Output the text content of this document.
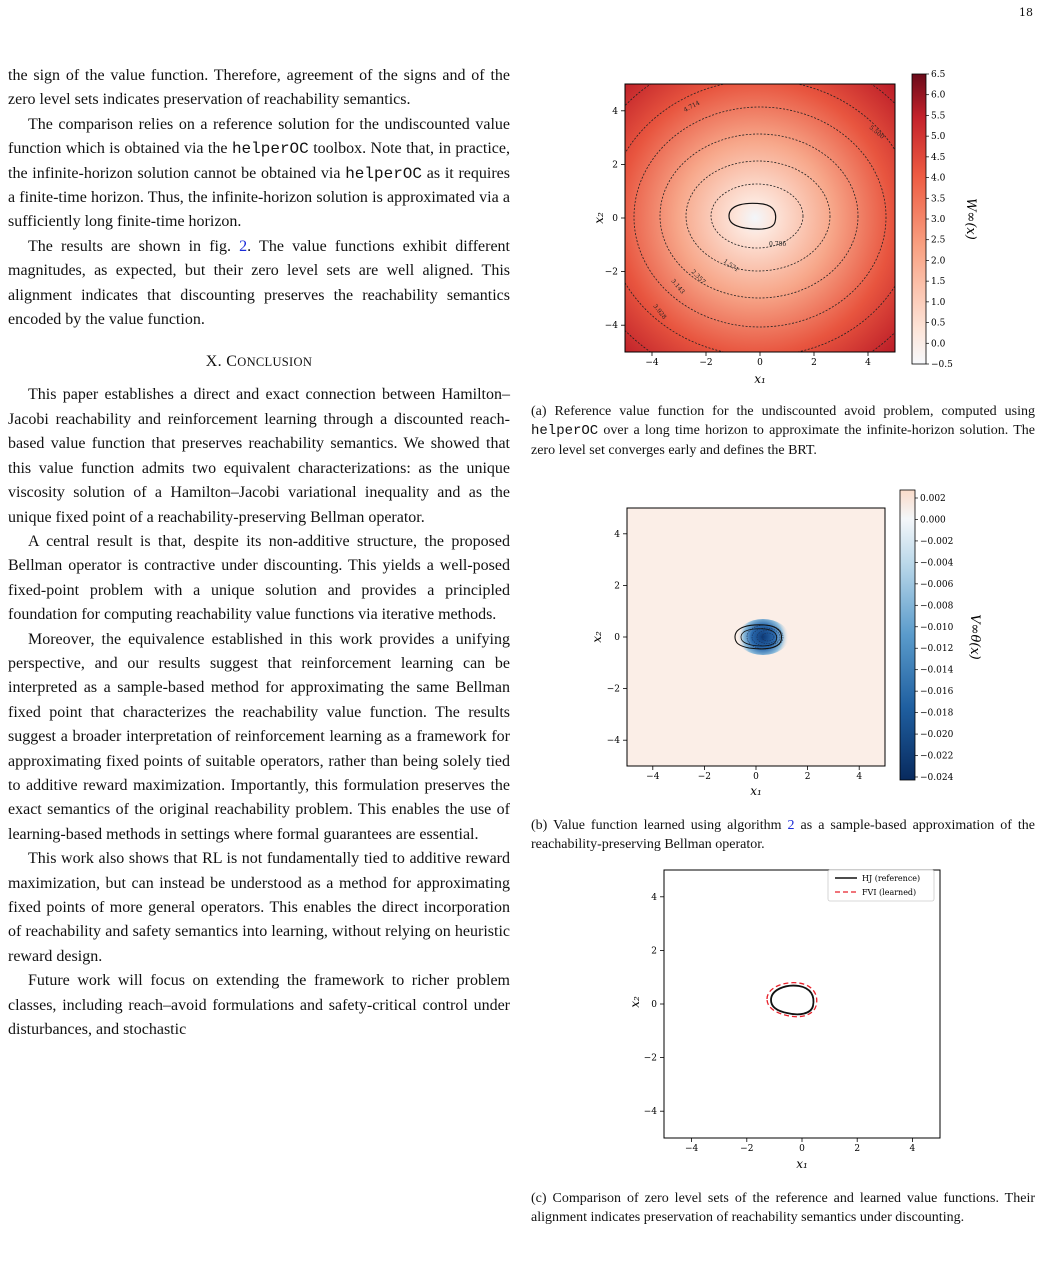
18

the sign of the value function. Therefore, agreement of the signs and of the zero level sets indicates preservation of reachability semantics.

The comparison relies on a reference solution for the undiscounted value function which is obtained via the helperOC toolbox. Note that, in practice, the infinite-horizon solution cannot be obtained via helperOC as it requires a finite-time horizon. Thus, the infinite-horizon solution is approximated via a sufficiently long finite-time horizon.

The results are shown in fig. 2. The value functions exhibit different magnitudes, as expected, but their zero level sets are well aligned. This alignment indicates that discounting preserves the reachability semantics encoded by the value function.

X. CONCLUSION

This paper establishes a direct and exact connection between Hamilton–Jacobi reachability and reinforcement learning through a discounted reach-based value function that preserves reachability semantics. We showed that this value function admits two equivalent characterizations: as the unique viscosity solution of a Hamilton–Jacobi variational inequality and as the unique fixed point of a reachability-preserving Bellman operator.

A central result is that, despite its non-additive structure, the proposed Bellman operator is contractive under discounting. This yields a well-posed fixed-point problem with a unique solution and provides a principled foundation for computing reachability value functions via iterative methods.

Moreover, the equivalence established in this work provides a unifying perspective, and our results suggest that reinforcement learning can be interpreted as a sample-based method for approximating the same Bellman fixed point that characterizes the reachability value function. The results suggest a broader interpretation of reinforcement learning as a framework for approximating fixed points of suitable operators, rather than being solely tied to additive reward maximization. Importantly, this formulation preserves the exact semantics of the original reachability problem. This enables the use of learning-based methods in settings where formal guarantees are essential.

This work also shows that RL is not fundamentally tied to additive reward maximization, but can instead be understood as a method for approximating fixed points of more general operators. This enables the direct incorporation of reachability and safety semantics into learning, without relying on heuristic reward design.

Future work will focus on extending the framework to richer problem classes, including reach–avoid formulations and safety-critical control under disturbances, and stochastic

0.786
1.571
2.357
3.143
3.928
4.714
5.500
−4	−2	0	2	4
4
2
0
−2
−4
x₁
x₂
6.5
6.0
5.5
5.0
4.5
4.0
3.5
3.0
2.5
2.0
1.5
1.0
0.5
0.0
−0.5
W∞(x)
(a) Reference value function for the undiscounted avoid problem, computed using helperOC over a long time horizon to approximate the infinite-horizon solution. The zero level set converges early and defines the BRT.
−4	−2	0	2	4
4
2
0
−2
−4
x₁
x₂
0.002
0.000
−0.002
−0.004
−0.006
−0.008
−0.010
−0.012
−0.014
−0.016
−0.018
−0.020
−0.022
−0.024
V∞θ(x)
(b) Value function learned using algorithm 2 as a sample-based approximation of the reachability-preserving Bellman operator.
HJ (reference)
FVI (learned)
−4	−2	0	2	4
4
2
0
−2
−4
x₁
x₂
(c) Comparison of zero level sets of the reference and learned value functions. Their alignment indicates preservation of reachability semantics under discounting.
